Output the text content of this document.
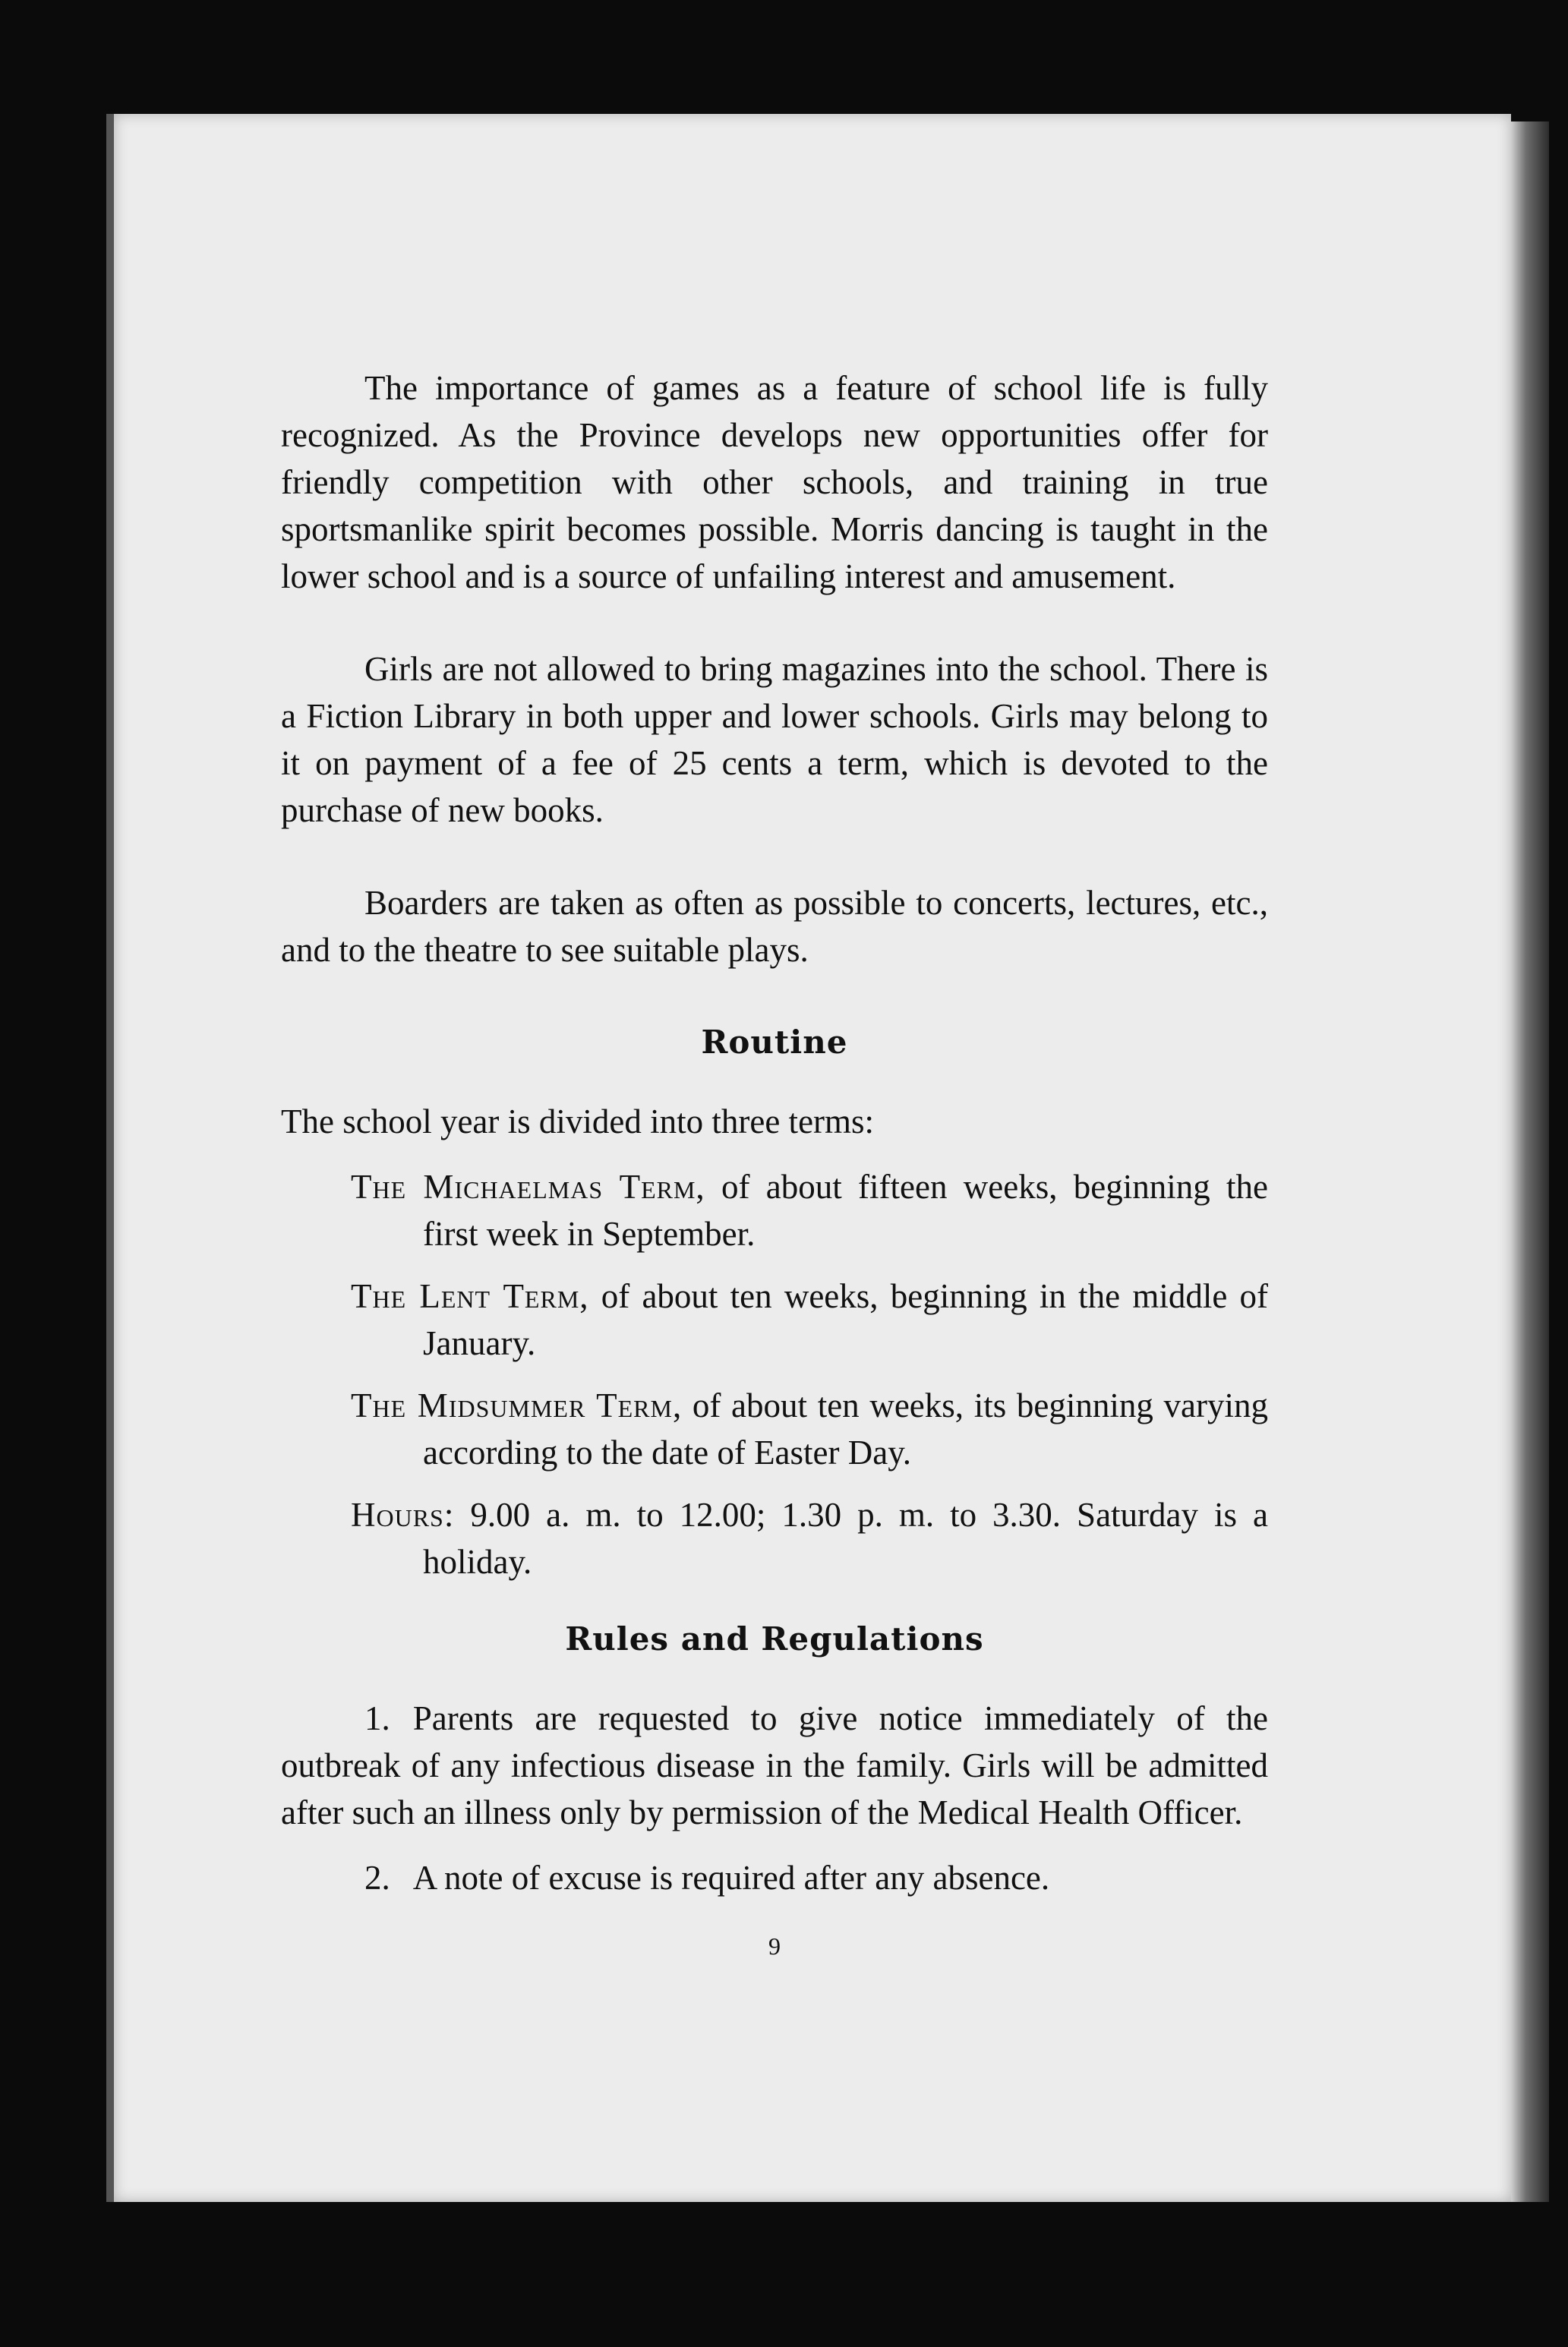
The importance of games as a feature of school life is fully recognized. As the Province develops new opportunities offer for friendly competition with other schools, and training in true sportsmanlike spirit becomes possible. Morris dancing is taught in the lower school and is a source of unfailing interest and amusement.

Girls are not allowed to bring magazines into the school. There is a Fiction Library in both upper and lower schools. Girls may belong to it on payment of a fee of 25 cents a term, which is devoted to the purchase of new books.

Boarders are taken as often as possible to concerts, lectures, etc., and to the theatre to see suitable plays.

Routine

The school year is divided into three terms:

The Michaelmas Term, of about fifteen weeks, beginning the first week in September.

The Lent Term, of about ten weeks, beginning in the middle of January.

The Midsummer Term, of about ten weeks, its beginning varying according to the date of Easter Day.

Hours: 9.00 a. m. to 12.00; 1.30 p. m. to 3.30. Saturday is a holiday.

Rules and Regulations

1. Parents are requested to give notice immediately of the outbreak of any infectious disease in the family. Girls will be admitted after such an illness only by permission of the Medical Health Officer.

2. A note of excuse is required after any absence.

9
